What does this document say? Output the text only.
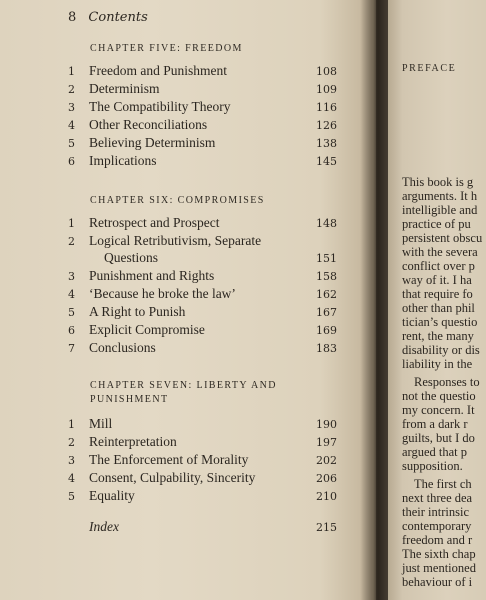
8 Contents
CHAPTER FIVE: FREEDOM
1	Freedom and Punishment	108
2	Determinism	109
3	The Compatibility Theory	116
4	Other Reconciliations	126
5	Believing Determinism	138
6	Implications	145
CHAPTER SIX: COMPROMISES
1	Retrospect and Prospect	148
2	Logical Retributivism, Separate
Questions	151
3	Punishment and Rights	158
4	‘Because he broke the law’	162
5	A Right to Punish	167
6	Explicit Compromise	169
7	Conclusions	183
CHAPTER SEVEN: LIBERTY AND
PUNISHMENT
1	Mill	190
2	Reinterpretation	197
3	The Enforcement of Morality	202
4	Consent, Culpability, Sincerity	206
5	Equality	210
Index	215
PREFACE
This book is g
arguments. It h
intelligible and
practice of pu
persistent obscu
with the severa
conflict over p
way of it. I ha
that require fo
other than phil
tician’s questio
rent, the many
disability or dis
liability in the
Responses to
not the questio
my concern. It
from a dark r
guilts, but I do
argued that p
supposition.
The first ch
next three dea
their intrinsic
contemporary
freedom and r
The sixth chap
just mentioned
behaviour of i
